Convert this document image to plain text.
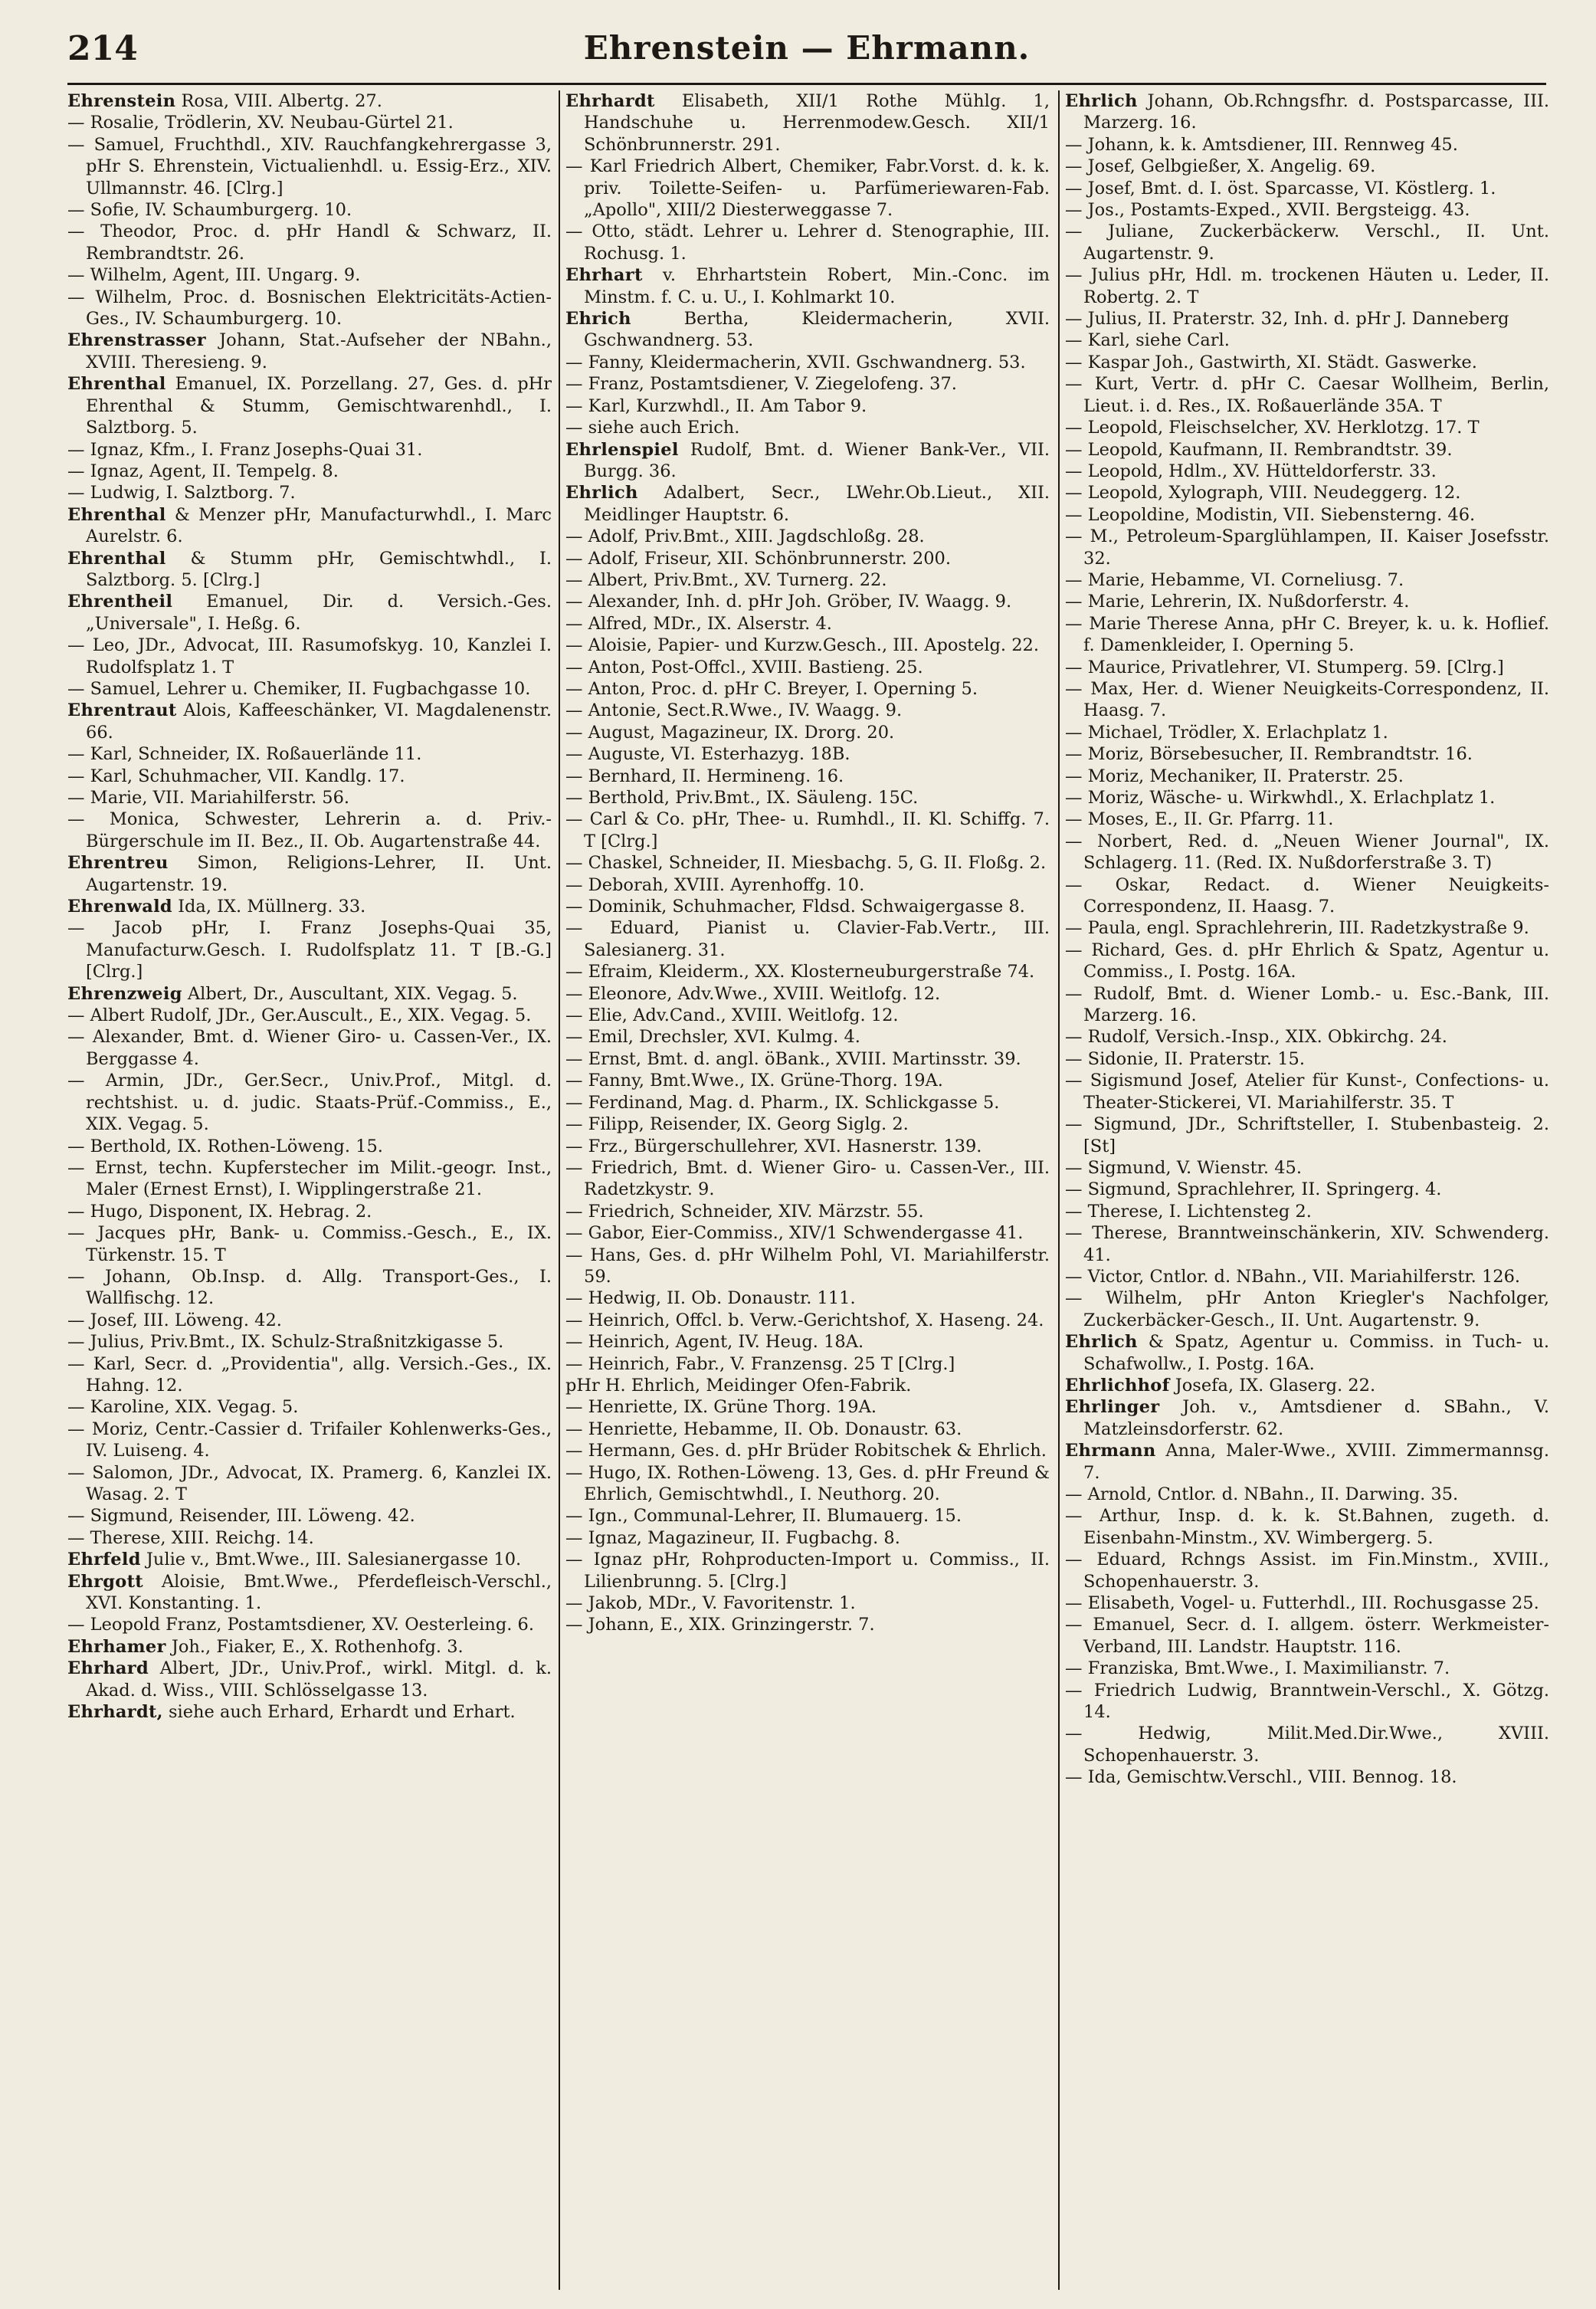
214	Ehrenstein — Ehrmann.
Ehrenstein Rosa, VIII. Albertg. 27.
— Rosalie, Trödlerin, XV. Neubau-Gürtel 21.
— Samuel, Fruchthdl., XIV. Rauchfangkehrergasse 3, pHr S. Ehrenstein, Victualienhdl. u. Essig-Erz., XIV. Ullmannstr. 46. [Clrg.]
— Sofie, IV. Schaumburgerg. 10.
— Theodor, Proc. d. pHr Handl & Schwarz, II. Rembrandtstr. 26.
— Wilhelm, Agent, III. Ungarg. 9.
— Wilhelm, Proc. d. Bosnischen Elektricitäts-Actien-Ges., IV. Schaumburgerg. 10.
Ehrenstrasser Johann, Stat.-Aufseher der NBahn., XVIII. Theresieng. 9.
Ehrenthal Emanuel, IX. Porzellang. 27, Ges. d. pHr Ehrenthal & Stumm, Gemischtwarenhdl., I. Salztborg. 5.
— Ignaz, Kfm., I. Franz Josephs-Quai 31.
— Ignaz, Agent, II. Tempelg. 8.
— Ludwig, I. Salztborg. 7.
Ehrenthal & Menzer pHr, Manufacturwhdl., I. Marc Aurelstr. 6.
Ehrenthal & Stumm pHr, Gemischtwhdl., I. Salztborg. 5. [Clrg.]
Ehrentheil Emanuel, Dir. d. Versich.-Ges. „Universale", I. Heßg. 6.
— Leo, JDr., Advocat, III. Rasumofskyg. 10, Kanzlei I. Rudolfsplatz 1. T
— Samuel, Lehrer u. Chemiker, II. Fugbachgasse 10.
Ehrentraut Alois, Kaffeeschänker, VI. Magdalenenstr. 66.
— Karl, Schneider, IX. Roßauerlände 11.
— Karl, Schuhmacher, VII. Kandlg. 17.
— Marie, VII. Mariahilferstr. 56.
— Monica, Schwester, Lehrerin a. d. Priv.-Bürgerschule im II. Bez., II. Ob. Augartenstraße 44.
Ehrentreu Simon, Religions-Lehrer, II. Unt. Augartenstr. 19.
Ehrenwald Ida, IX. Müllnerg. 33.
— Jacob pHr, I. Franz Josephs-Quai 35, Manufacturw.Gesch. I. Rudolfsplatz 11. T [B.-G.] [Clrg.]
Ehrenzweig Albert, Dr., Auscultant, XIX. Vegag. 5.
— Albert Rudolf, JDr., Ger.Auscult., E., XIX. Vegag. 5.
— Alexander, Bmt. d. Wiener Giro- u. Cassen-Ver., IX. Berggasse 4.
— Armin, JDr., Ger.Secr., Univ.Prof., Mitgl. d. rechtshist. u. d. judic. Staats-Prüf.-Commiss., E., XIX. Vegag. 5.
— Berthold, IX. Rothen-Löweng. 15.
— Ernst, techn. Kupferstecher im Milit.-geogr. Inst., Maler (Ernest Ernst), I. Wipplingerstraße 21.
— Hugo, Disponent, IX. Hebrag. 2.
— Jacques pHr, Bank- u. Commiss.-Gesch., E., IX. Türkenstr. 15. T
— Johann, Ob.Insp. d. Allg. Transport-Ges., I. Wallfischg. 12.
— Josef, III. Löweng. 42.
— Julius, Priv.Bmt., IX. Schulz-Straßnitzkigasse 5.
— Karl, Secr. d. „Providentia", allg. Versich.-Ges., IX. Hahng. 12.
— Karoline, XIX. Vegag. 5.
— Moriz, Centr.-Cassier d. Trifailer Kohlenwerks-Ges., IV. Luiseng. 4.
— Salomon, JDr., Advocat, IX. Pramerg. 6, Kanzlei IX. Wasag. 2. T
— Sigmund, Reisender, III. Löweng. 42.
— Therese, XIII. Reichg. 14.
Ehrfeld Julie v., Bmt.Wwe., III. Salesianergasse 10.
Ehrgott Aloisie, Bmt.Wwe., Pferdefleisch-Verschl., XVI. Konstanting. 1.
— Leopold Franz, Postamtsdiener, XV. Oesterleing. 6.
Ehrhamer Joh., Fiaker, E., X. Rothenhofg. 3.
Ehrhard Albert, JDr., Univ.Prof., wirkl. Mitgl. d. k. Akad. d. Wiss., VIII. Schlösselgasse 13.
Ehrhardt, siehe auch Erhard, Erhardt und Erhart.
Ehrhardt Elisabeth, XII/1 Rothe Mühlg. 1, Handschuhe u. Herrenmodew.Gesch. XII/1 Schönbrunnerstr. 291.
— Karl Friedrich Albert, Chemiker, Fabr.Vorst. d. k. k. priv. Toilette-Seifen- u. Parfümeriewaren-Fab. „Apollo", XIII/2 Diesterweggasse 7.
— Otto, städt. Lehrer u. Lehrer d. Stenographie, III. Rochusg. 1.
Ehrhart v. Ehrhartstein Robert, Min.-Conc. im Minstm. f. C. u. U., I. Kohlmarkt 10.
Ehrich Bertha, Kleidermacherin, XVII. Gschwandnerg. 53.
— Fanny, Kleidermacherin, XVII. Gschwandnerg. 53.
— Franz, Postamtsdiener, V. Ziegelofeng. 37.
— Karl, Kurzwhdl., II. Am Tabor 9.
— siehe auch Erich.
Ehrlenspiel Rudolf, Bmt. d. Wiener Bank-Ver., VII. Burgg. 36.
Ehrlich Adalbert, Secr., LWehr.Ob.Lieut., XII. Meidlinger Hauptstr. 6.
— Adolf, Priv.Bmt., XIII. Jagdschloßg. 28.
— Adolf, Friseur, XII. Schönbrunnerstr. 200.
— Albert, Priv.Bmt., XV. Turnerg. 22.
— Alexander, Inh. d. pHr Joh. Gröber, IV. Waagg. 9.
— Alfred, MDr., IX. Alserstr. 4.
— Aloisie, Papier- und Kurzw.Gesch., III. Apostelg. 22.
— Anton, Post-Offcl., XVIII. Bastieng. 25.
— Anton, Proc. d. pHr C. Breyer, I. Operning 5.
— Antonie, Sect.R.Wwe., IV. Waagg. 9.
— August, Magazineur, IX. Drorg. 20.
— Auguste, VI. Esterhazyg. 18B.
— Bernhard, II. Hermineng. 16.
— Berthold, Priv.Bmt., IX. Säuleng. 15C.
— Carl & Co. pHr, Thee- u. Rumhdl., II. Kl. Schiffg. 7. T [Clrg.]
— Chaskel, Schneider, II. Miesbachg. 5, G. II. Floßg. 2.
— Deborah, XVIII. Ayrenhoffg. 10.
— Dominik, Schuhmacher, Fldsd. Schwaigergasse 8.
— Eduard, Pianist u. Clavier-Fab.Vertr., III. Salesianerg. 31.
— Efraim, Kleiderm., XX. Klosterneuburgerstraße 74.
— Eleonore, Adv.Wwe., XVIII. Weitlofg. 12.
— Elie, Adv.Cand., XVIII. Weitlofg. 12.
— Emil, Drechsler, XVI. Kulmg. 4.
— Ernst, Bmt. d. angl. öBank., XVIII. Martinsstr. 39.
— Fanny, Bmt.Wwe., IX. Grüne-Thorg. 19A.
— Ferdinand, Mag. d. Pharm., IX. Schlickgasse 5.
— Filipp, Reisender, IX. Georg Siglg. 2.
— Frz., Bürgerschullehrer, XVI. Hasnerstr. 139.
— Friedrich, Bmt. d. Wiener Giro- u. Cassen-Ver., III. Radetzkystr. 9.
— Friedrich, Schneider, XIV. Märzstr. 55.
— Gabor, Eier-Commiss., XIV/1 Schwendergasse 41.
— Hans, Ges. d. pHr Wilhelm Pohl, VI. Mariahilferstr. 59.
— Hedwig, II. Ob. Donaustr. 111.
— Heinrich, Offcl. b. Verw.-Gerichtshof, X. Haseng. 24.
— Heinrich, Agent, IV. Heug. 18A.
— Heinrich, Fabr., V. Franzensg. 25 T [Clrg.]
pHr H. Ehrlich, Meidinger Ofen-Fabrik.
— Henriette, IX. Grüne Thorg. 19A.
— Henriette, Hebamme, II. Ob. Donaustr. 63.
— Hermann, Ges. d. pHr Brüder Robitschek & Ehrlich.
— Hugo, IX. Rothen-Löweng. 13, Ges. d. pHr Freund & Ehrlich, Gemischtwhdl., I. Neuthorg. 20.
— Ign., Communal-Lehrer, II. Blumauerg. 15.
— Ignaz, Magazineur, II. Fugbachg. 8.
— Ignaz pHr, Rohproducten-Import u. Commiss., II. Lilienbrunng. 5. [Clrg.]
— Jakob, MDr., V. Favoritenstr. 1.
— Johann, E., XIX. Grinzingerstr. 7.
Ehrlich Johann, Ob.Rchngsfhr. d. Postsparcasse, III. Marzerg. 16.
— Johann, k. k. Amtsdiener, III. Rennweg 45.
— Josef, Gelbgießer, X. Angelig. 69.
— Josef, Bmt. d. I. öst. Sparcasse, VI. Köstlerg. 1.
— Jos., Postamts-Exped., XVII. Bergsteigg. 43.
— Juliane, Zuckerbäckerw. Verschl., II. Unt. Augartenstr. 9.
— Julius pHr, Hdl. m. trockenen Häuten u. Leder, II. Robertg. 2. T
— Julius, II. Praterstr. 32, Inh. d. pHr J. Danneberg
— Karl, siehe Carl.
— Kaspar Joh., Gastwirth, XI. Städt. Gaswerke.
— Kurt, Vertr. d. pHr C. Caesar Wollheim, Berlin, Lieut. i. d. Res., IX. Roßauerlände 35A. T
— Leopold, Fleischselcher, XV. Herklotzg. 17. T
— Leopold, Kaufmann, II. Rembrandtstr. 39.
— Leopold, Hdlm., XV. Hütteldorferstr. 33.
— Leopold, Xylograph, VIII. Neudeggerg. 12.
— Leopoldine, Modistin, VII. Siebensterng. 46.
— M., Petroleum-Sparglühlampen, II. Kaiser Josefsstr. 32.
— Marie, Hebamme, VI. Corneliusg. 7.
— Marie, Lehrerin, IX. Nußdorferstr. 4.
— Marie Therese Anna, pHr C. Breyer, k. u. k. Hoflief. f. Damenkleider, I. Operning 5.
— Maurice, Privatlehrer, VI. Stumperg. 59. [Clrg.]
— Max, Her. d. Wiener Neuigkeits-Correspondenz, II. Haasg. 7.
— Michael, Trödler, X. Erlachplatz 1.
— Moriz, Börsebesucher, II. Rembrandtstr. 16.
— Moriz, Mechaniker, II. Praterstr. 25.
— Moriz, Wäsche- u. Wirkwhdl., X. Erlachplatz 1.
— Moses, E., II. Gr. Pfarrg. 11.
— Norbert, Red. d. „Neuen Wiener Journal", IX. Schlagerg. 11. (Red. IX. Nußdorferstraße 3. T)
— Oskar, Redact. d. Wiener Neuigkeits-Correspondenz, II. Haasg. 7.
— Paula, engl. Sprachlehrerin, III. Radetzkystraße 9.
— Richard, Ges. d. pHr Ehrlich & Spatz, Agentur u. Commiss., I. Postg. 16A.
— Rudolf, Bmt. d. Wiener Lomb.- u. Esc.-Bank, III. Marzerg. 16.
— Rudolf, Versich.-Insp., XIX. Obkirchg. 24.
— Sidonie, II. Praterstr. 15.
— Sigismund Josef, Atelier für Kunst-, Confections- u. Theater-Stickerei, VI. Mariahilferstr. 35. T
— Sigmund, JDr., Schriftsteller, I. Stubenbasteig. 2. [St]
— Sigmund, V. Wienstr. 45.
— Sigmund, Sprachlehrer, II. Springerg. 4.
— Therese, I. Lichtensteg 2.
— Therese, Branntweinschänkerin, XIV. Schwenderg. 41.
— Victor, Cntlor. d. NBahn., VII. Mariahilferstr. 126.
— Wilhelm, pHr Anton Kriegler's Nachfolger, Zuckerbäcker-Gesch., II. Unt. Augartenstr. 9.
Ehrlich & Spatz, Agentur u. Commiss. in Tuch- u. Schafwollw., I. Postg. 16A.
Ehrlichhof Josefa, IX. Glaserg. 22.
Ehrlinger Joh. v., Amtsdiener d. SBahn., V. Matzleinsdorferstr. 62.
Ehrmann Anna, Maler-Wwe., XVIII. Zimmermannsg. 7.
— Arnold, Cntlor. d. NBahn., II. Darwing. 35.
— Arthur, Insp. d. k. k. St.Bahnen, zugeth. d. Eisenbahn-Minstm., XV. Wimbergerg. 5.
— Eduard, Rchngs Assist. im Fin.Minstm., XVIII., Schopenhauerstr. 3.
— Elisabeth, Vogel- u. Futterhdl., III. Rochusgasse 25.
— Emanuel, Secr. d. I. allgem. österr. Werkmeister-Verband, III. Landstr. Hauptstr. 116.
— Franziska, Bmt.Wwe., I. Maximilianstr. 7.
— Friedrich Ludwig, Branntwein-Verschl., X. Götzg. 14.
— Hedwig, Milit.Med.Dir.Wwe., XVIII. Schopenhauerstr. 3.
— Ida, Gemischtw.Verschl., VIII. Bennog. 18.
